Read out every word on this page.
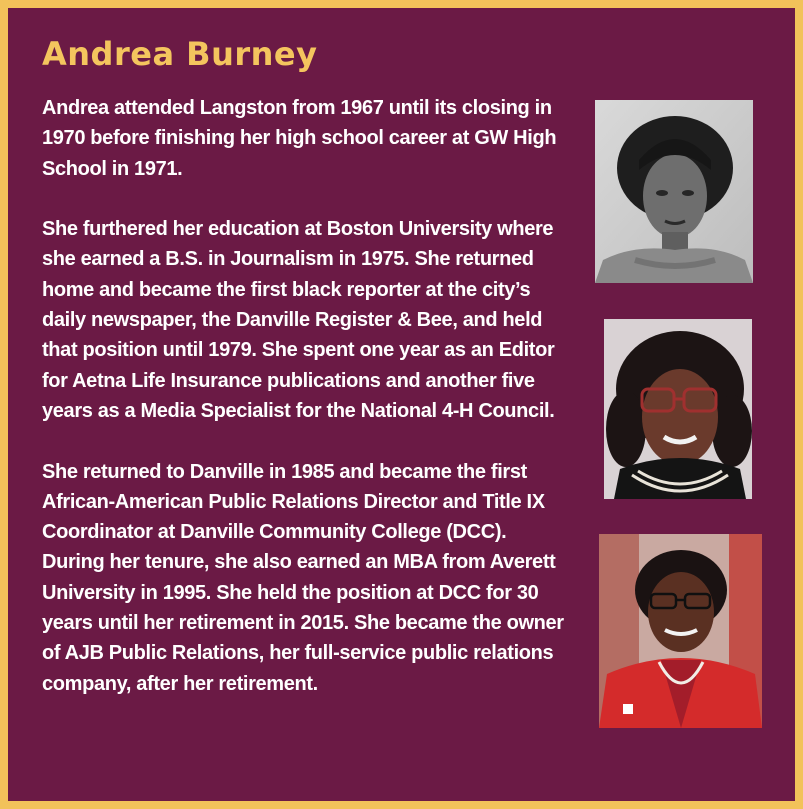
Andrea Burney

Andrea attended Langston from 1967 until its closing in 1970 before finishing her high school career at GW High School in 1971.

She furthered her education at Boston University where she earned a B.S. in Journalism in 1975. She returned home and became the first black reporter at the city’s daily newspaper, the Danville Register & Bee, and held that position until 1979. She spent one year as an Editor for Aetna Life Insurance publications and another five years as a Media Specialist for the National 4-H Council.

She returned to Danville in 1985 and became the first African-American Public Relations Director and Title IX Coordinator at Danville Community College (DCC). During her tenure, she also earned an MBA from Averett University in 1995. She held the position at DCC for 30 years until her retirement in 2015. She became the owner of AJB Public Relations, her full-service public relations company, after her retirement.
